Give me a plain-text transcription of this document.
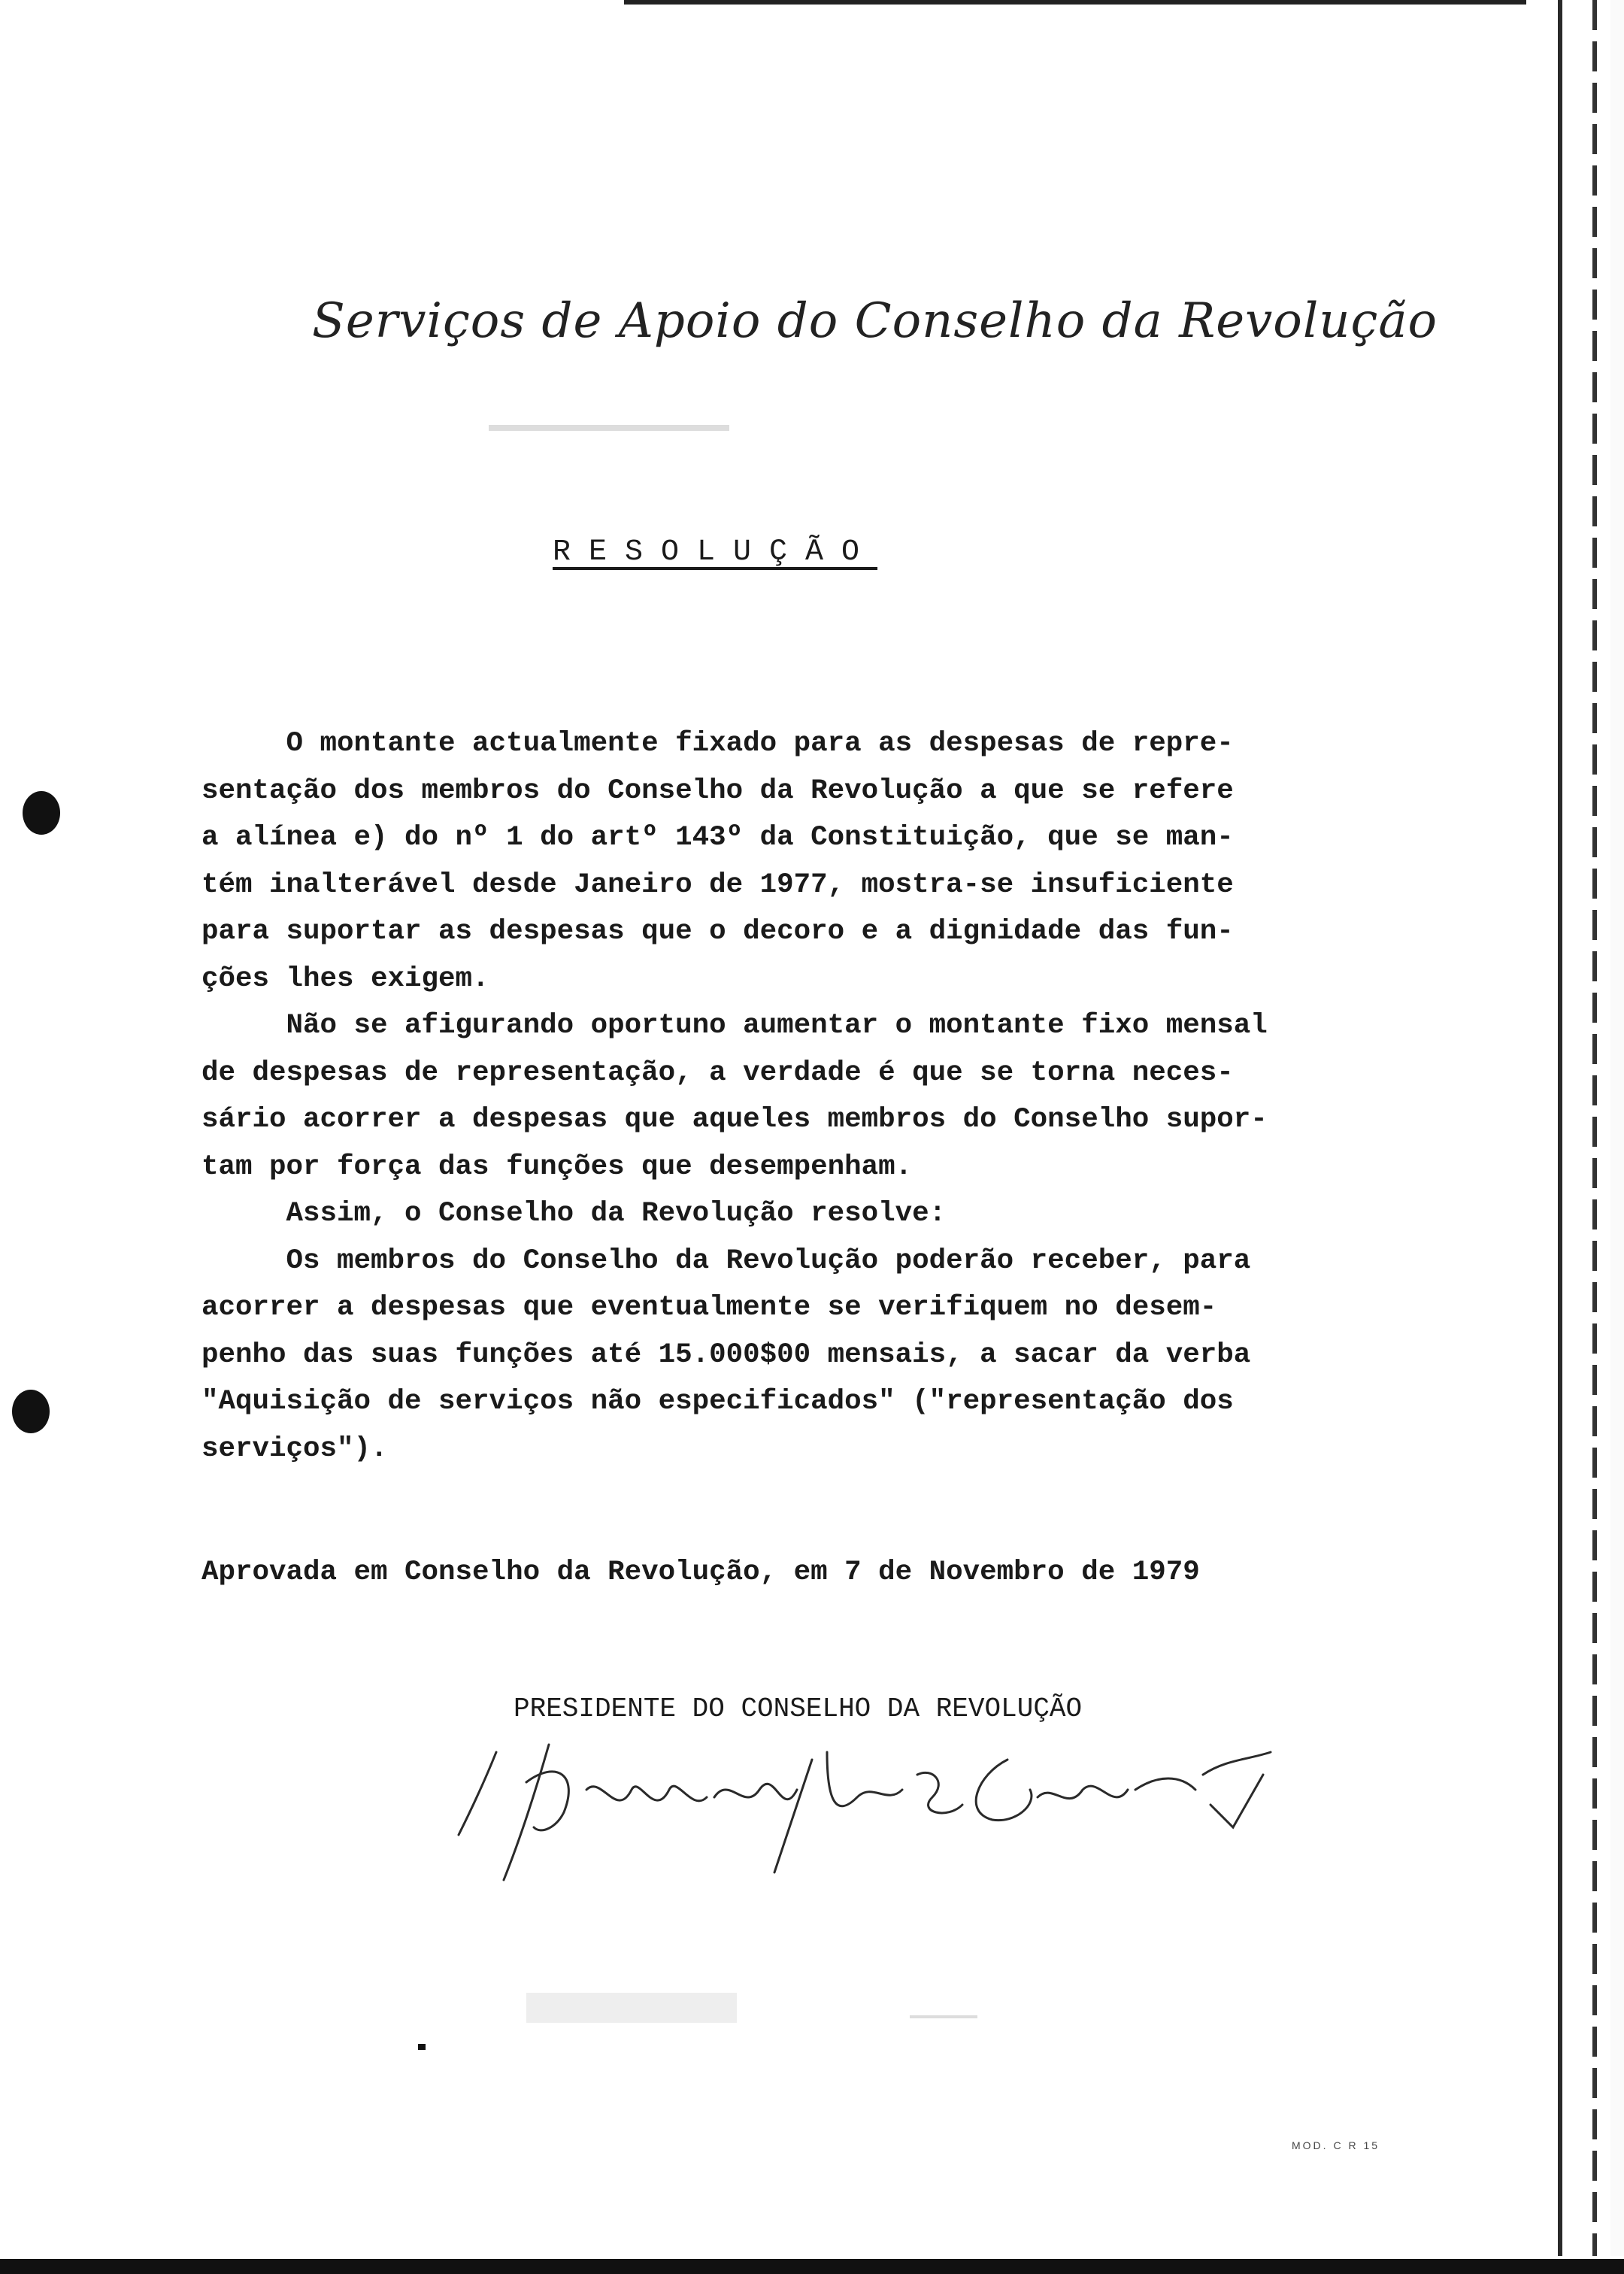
Serviços de Apoio do Conselho da Revolução
RESOLUÇÃO

O montante actualmente fixado para as despesas de repre-
sentação dos membros do Conselho da Revolução a que se refere
a alínea e) do nº 1 do artº 143º da Constituição, que se man-
tém inalterável desde Janeiro de 1977, mostra-se insuficiente
para suportar as despesas que o decoro e a dignidade das fun-
ções lhes exigem.

Não se afigurando oportuno aumentar o montante fixo mensal
de despesas de representação, a verdade é que se torna neces-
sário acorrer a despesas que aqueles membros do Conselho supor-
tam por força das funções que desempenham.

Assim, o Conselho da Revolução resolve:

Os membros do Conselho da Revolução poderão receber, para
acorrer a despesas que eventualmente se verifiquem no desem-
penho das suas funções até 15.000$00 mensais, a sacar da verba
"Aquisição de serviços não especificados" ("representação dos
serviços").

Aprovada em Conselho da Revolução, em 7 de Novembro de 1979
PRESIDENTE DO CONSELHO DA REVOLUÇÃO
MOD. C R 15
